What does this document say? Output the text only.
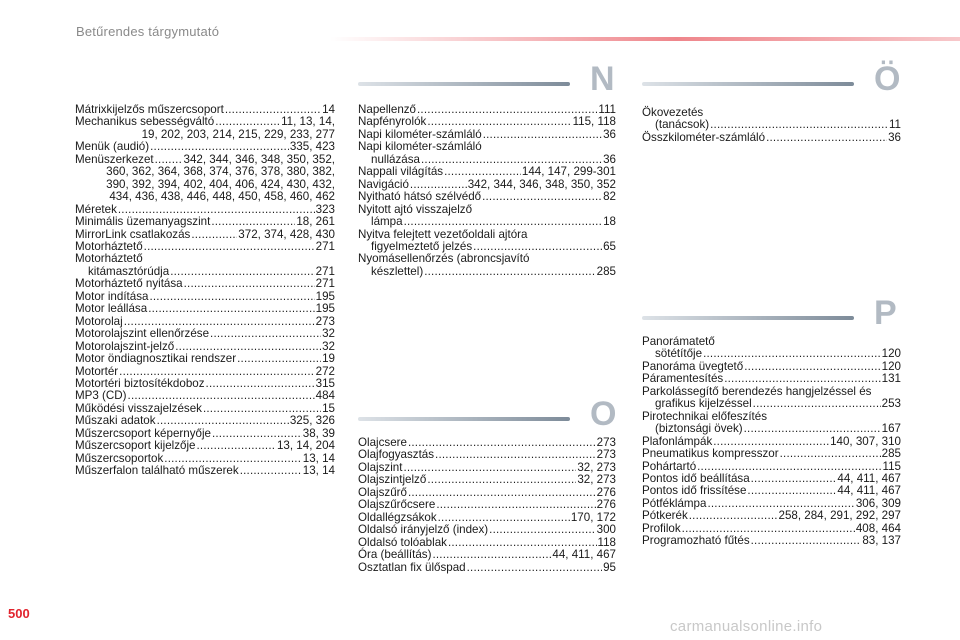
Betűrendes tárgymutató
N	Ö
P
O
Mátrixkijelzős műszercsoport .....	14
Mechanikus sebességváltó .....	11, 13, 14,
19, 202, 203, 214, 215, 229, 233, 277
Menük (audió) .....	335, 423
Menüszerkezet .....	342, 344, 346, 348, 350, 352,
360, 362, 364, 368, 374, 376, 378, 380, 382,
390, 392, 394, 402, 404, 406, 424, 430, 432,
434, 436, 438, 446, 448, 450, 458, 460, 462
Méretek .....	323
Minimális üzemanyagszint .....	18, 261
MirrorLink csatlakozás .....	372, 374, 428, 430
Motorháztető .....	271
Motorháztető
kitámasztórúdja .....	271
Motorháztető nyitása .....	271
Motor indítása .....	195
Motor leállása .....	195
Motorolaj .....	273
Motorolajszint ellenőrzése .....	32
Motorolajszint-jelző .....	32
Motor öndiagnosztikai rendszer .....	19
Motortér .....	272
Motortéri biztosítékdoboz .....	315
MP3 (CD) .....	484
Működési visszajelzések .....	15
Műszaki adatok .....	325, 326
Műszercsoport képernyője .....	38, 39
Műszercsoport kijelzője .....	13, 14, 204
Műszercsoportok .....	13, 14
Műszerfalon található műszerek .....	13, 14
Napellenző .....	111
Napfényrolók .....	115, 118
Napi kilométer-számláló .....	36
Napi kilométer-számláló
nullázása .....	36
Nappali világítás .....	144, 147, 299-301
Navigáció .....	342, 344, 346, 348, 350, 352
Nyitható hátsó szélvédő .....	82
Nyitott ajtó visszajelző
lámpa .....	18
Nyitva felejtett vezetőoldali ajtóra
figyelmeztető jelzés .....	65
Nyomásellenőrzés (abroncsjavító
készlettel) .....	285
Ökovezetés
(tanácsok) .....	11
Összkilométer-számláló .....	36
Olajcsere .....	273
Olajfogyasztás .....	273
Olajszint .....	32, 273
Olajszintjelző .....	32, 273
Olajszűrő .....	276
Olajszűrőcsere .....	276
Oldallégzsákok .....	170, 172
Oldalsó irányjelző (index) .....	300
Oldalsó tolóablak .....	118
Óra (beállítás) .....	44, 411, 467
Osztatlan fix ülőspad .....	95
Panorámatető
sötétítője .....	120
Panoráma üvegtető .....	120
Páramentesítés .....	131
Parkolássegítő berendezés hangjelzéssel és
grafikus kijelzéssel .....	253
Pirotechnikai előfeszítés
(biztonsági övek) .....	167
Plafonlámpák .....	140, 307, 310
Pneumatikus kompresszor .....	285
Pohártartó .....	115
Pontos idő beállítása .....	44, 411, 467
Pontos idő frissítése .....	44, 411, 467
Pótféklámpa .....	306, 309
Pótkerék .....	258, 284, 291, 292, 297
Profilok .....	408, 464
Programozható fűtés .....	83, 137
500
carmanualsonline.info
